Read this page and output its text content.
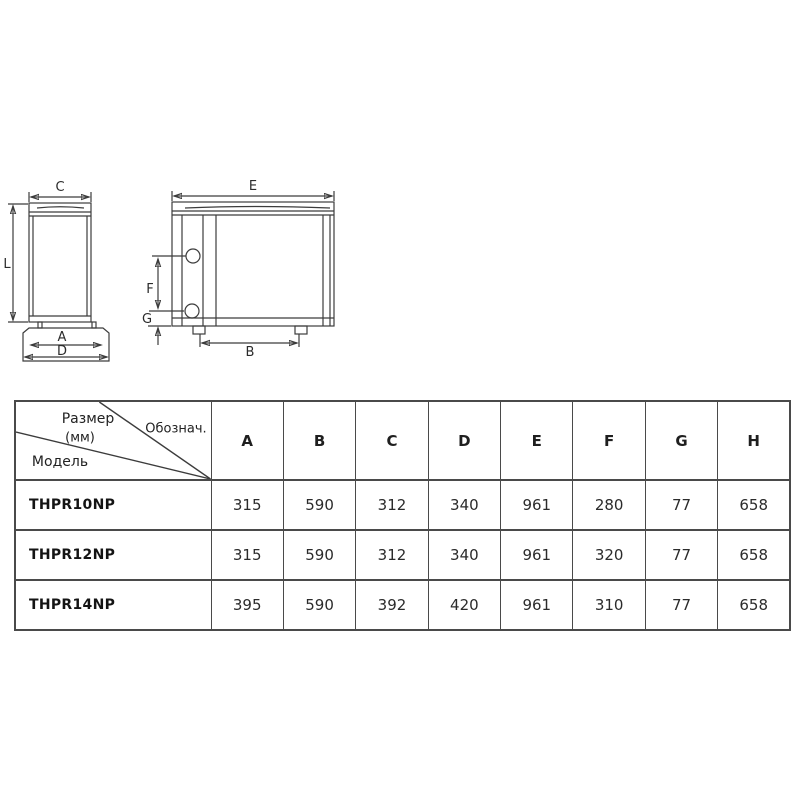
C
L
A
D
E
F
G
B
Размер
(мм)
Обознач.
Модель	A	B	C	D	E	F	G	H
THPR10NP	315	590	312	340	961	280	77	658
THPR12NP	315	590	312	340	961	320	77	658
THPR14NP	395	590	392	420	961	310	77	658
